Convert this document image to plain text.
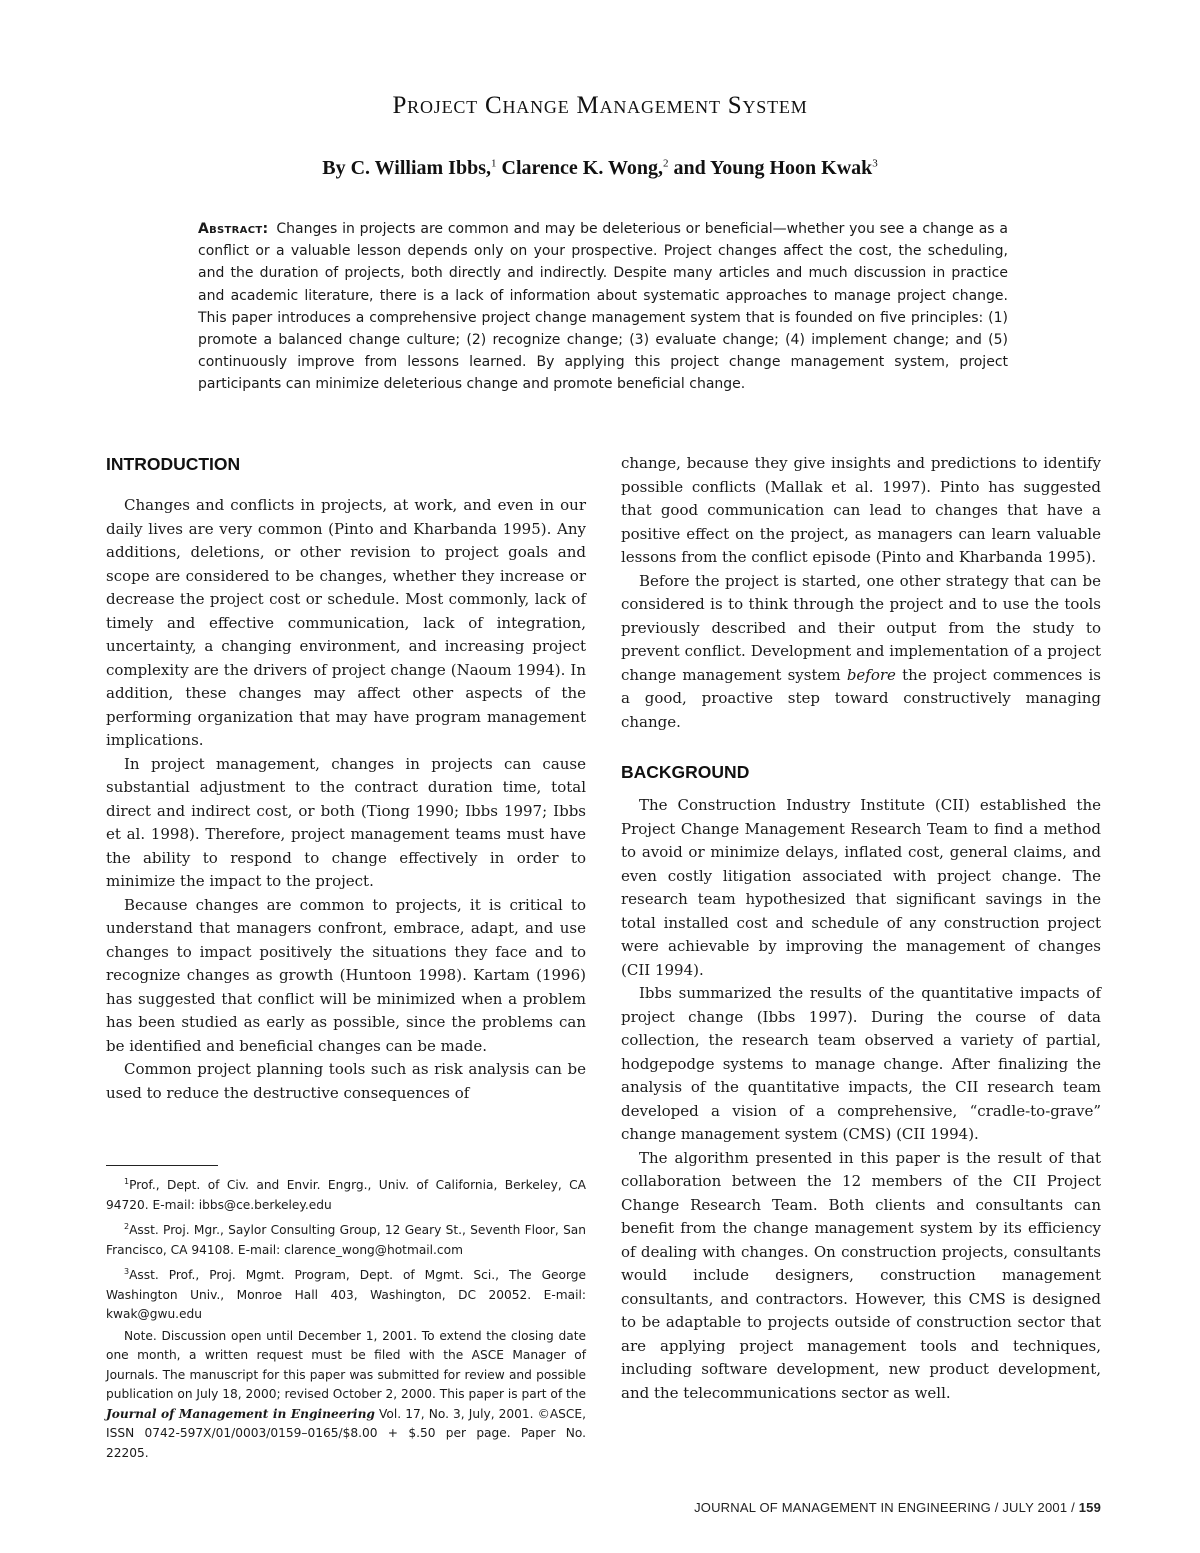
Project Change Management System
By C. William Ibbs,$^1$ Clarence K. Wong,$^2$ and Young Hoon Kwak$^3$
Abstract: Changes in projects are common and may be deleterious or beneficial—whether you see a change as a conflict or a valuable lesson depends only on your prospective. Project changes affect the cost, the scheduling, and the duration of projects, both directly and indirectly. Despite many articles and much discussion in practice and academic literature, there is a lack of information about systematic approaches to manage project change. This paper introduces a comprehensive project change management system that is founded on five principles: (1) promote a balanced change culture; (2) recognize change; (3) evaluate change; (4) implement change; and (5) continuously improve from lessons learned. By applying this project change management system, project participants can minimize deleterious change and promote beneficial change.
INTRODUCTION

Changes and conflicts in projects, at work, and even in our daily lives are very common (Pinto and Kharbanda 1995). Any additions, deletions, or other revision to project goals and scope are considered to be changes, whether they increase or decrease the project cost or schedule. Most commonly, lack of timely and effective communication, lack of integration, uncertainty, a changing environment, and increasing project complexity are the drivers of project change (Naoum 1994). In addition, these changes may affect other aspects of the performing organization that may have program management implications.

In project management, changes in projects can cause substantial adjustment to the contract duration time, total direct and indirect cost, or both (Tiong 1990; Ibbs 1997; Ibbs et al. 1998). Therefore, project management teams must have the ability to respond to change effectively in order to minimize the impact to the project.

Because changes are common to projects, it is critical to understand that managers confront, embrace, adapt, and use changes to impact positively the situations they face and to recognize changes as growth (Huntoon 1998). Kartam (1996) has suggested that conflict will be minimized when a problem has been studied as early as possible, since the problems can be identified and beneficial changes can be made.

Common project planning tools such as risk analysis can be used to reduce the destructive consequences of

change, because they give insights and predictions to identify possible conflicts (Mallak et al. 1997). Pinto has suggested that good communication can lead to changes that have a positive effect on the project, as managers can learn valuable lessons from the conflict episode (Pinto and Kharbanda 1995).

Before the project is started, one other strategy that can be considered is to think through the project and to use the tools previously described and their output from the study to prevent conflict. Development and implementation of a project change management system before the project commences is a good, proactive step toward constructively managing change.

BACKGROUND

The Construction Industry Institute (CII) established the Project Change Management Research Team to find a method to avoid or minimize delays, inflated cost, general claims, and even costly litigation associated with project change. The research team hypothesized that significant savings in the total installed cost and schedule of any construction project were achievable by improving the management of changes (CII 1994).

Ibbs summarized the results of the quantitative impacts of project change (Ibbs 1997). During the course of data collection, the research team observed a variety of partial, hodgepodge systems to manage change. After finalizing the analysis of the quantitative impacts, the CII research team developed a vision of a comprehensive, “cradle-to-grave” change management system (CMS) (CII 1994).

The algorithm presented in this paper is the result of that collaboration between the 12 members of the CII Project Change Research Team. Both clients and consultants can benefit from the change management system by its efficiency of dealing with changes. On construction projects, consultants would include designers, construction management consultants, and contractors. However, this CMS is designed to be adaptable to projects outside of construction sector that are applying project management tools and techniques, including software development, new product development, and the telecommunications sector as well.

$^1$Prof., Dept. of Civ. and Envir. Engrg., Univ. of California, Berkeley, CA 94720. E-mail: ibbs@ce.berkeley.edu

$^2$Asst. Proj. Mgr., Saylor Consulting Group, 12 Geary St., Seventh Floor, San Francisco, CA 94108. E-mail: clarence_wong@hotmail.com

$^3$Asst. Prof., Proj. Mgmt. Program, Dept. of Mgmt. Sci., The George Washington Univ., Monroe Hall 403, Washington, DC 20052. E-mail: kwak@gwu.edu

Note. Discussion open until December 1, 2001. To extend the closing date one month, a written request must be filed with the ASCE Manager of Journals. The manuscript for this paper was submitted for review and possible publication on July 18, 2000; revised October 2, 2000. This paper is part of the Journal of Management in Engineering Vol. 17, No. 3, July, 2001. ©ASCE, ISSN 0742-597X/01/0003/0159–0165/$8.00 + $.50 per page. Paper No. 22205.

JOURNAL OF MANAGEMENT IN ENGINEERING / JULY 2001 / 159
